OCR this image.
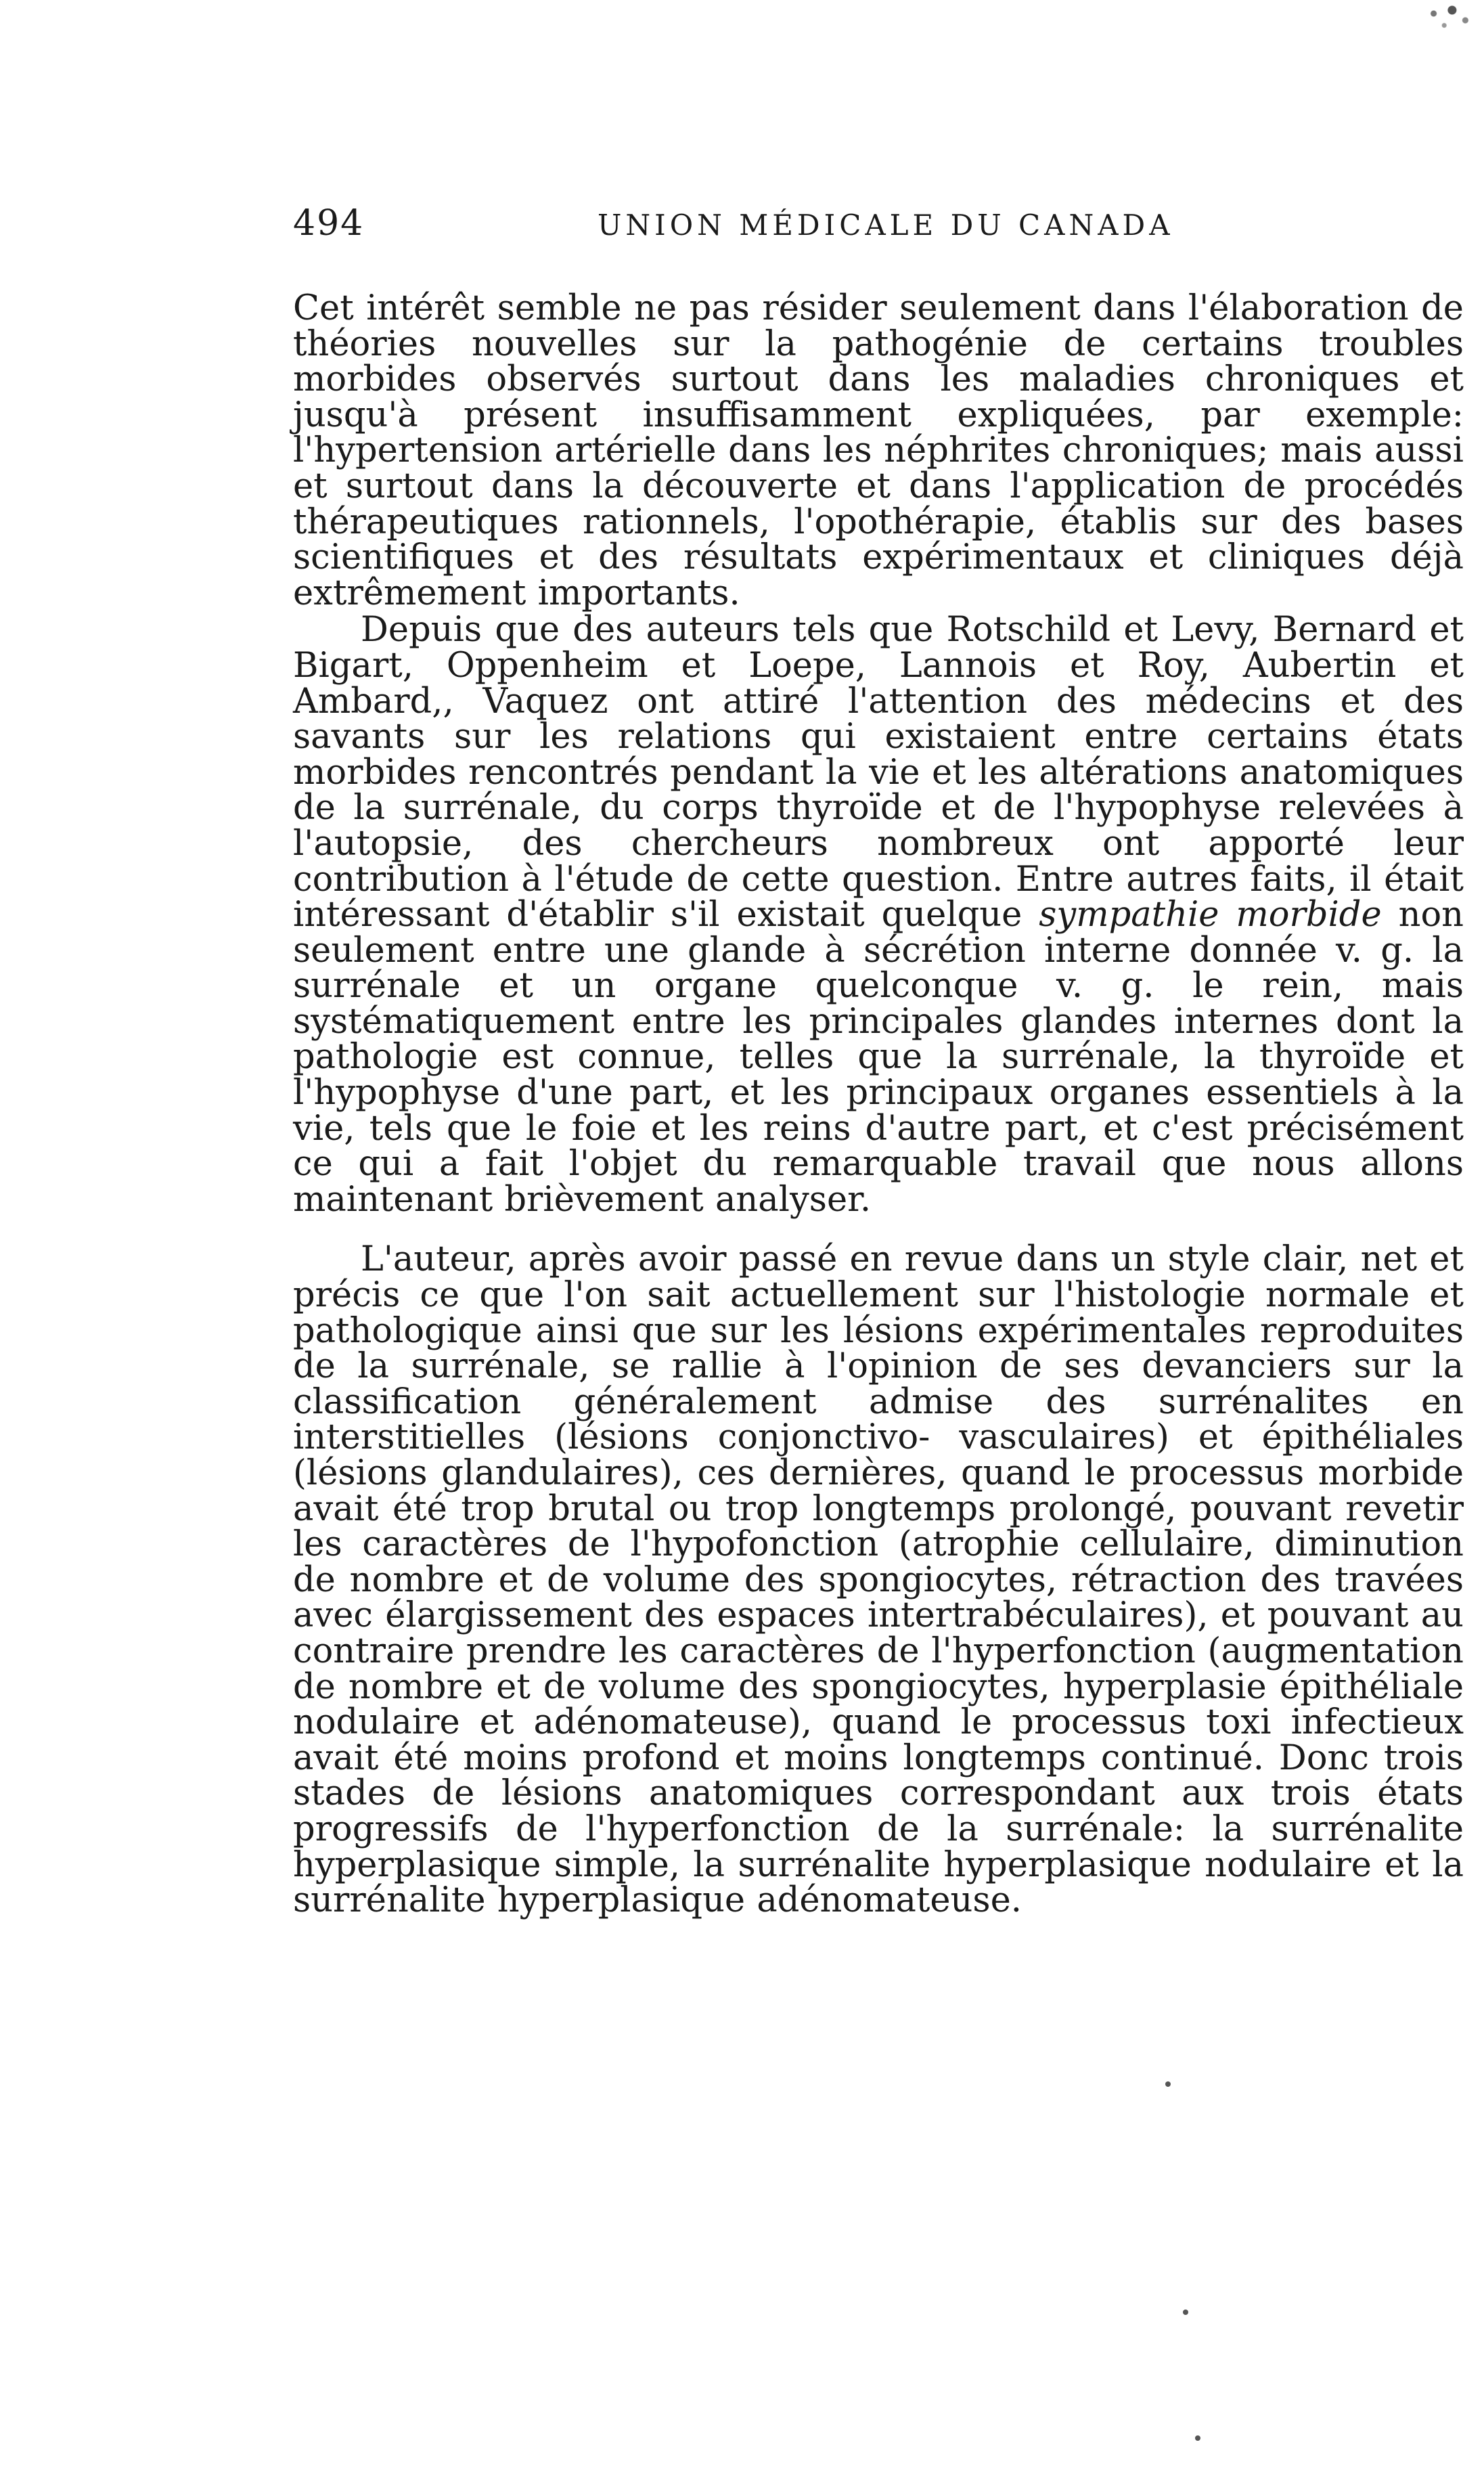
494	UNION MÉDICALE DU CANADA

Cet intérêt semble ne pas résider seulement dans l'élaboration de théories nouvelles sur la pathogénie de certains troubles morbides observés surtout dans les maladies chroniques et jusqu'à présent insuffisamment expliquées, par exemple: l'hypertension artérielle dans les néphrites chroniques; mais aussi et surtout dans la découverte et dans l'application de procédés thérapeutiques rationnels, l'opothérapie, établis sur des bases scientifiques et des résultats expérimentaux et cliniques déjà extrêmement importants.

Depuis que des auteurs tels que Rotschild et Levy, Bernard et Bigart, Oppenheim et Loepe, Lannois et Roy, Aubertin et Ambard,, Vaquez ont attiré l'attention des médecins et des savants sur les relations qui existaient entre certains états morbides rencontrés pendant la vie et les altérations anatomiques de la surrénale, du corps thyroïde et de l'hypophyse relevées à l'autopsie, des chercheurs nombreux ont apporté leur contribution à l'étude de cette question. Entre autres faits, il était intéressant d'établir s'il existait quelque sympathie morbide non seulement entre une glande à sécrétion interne donnée v. g. la surrénale et un organe quelconque v. g. le rein, mais systématiquement entre les principales glandes internes dont la pathologie est connue, telles que la surrénale, la thyroïde et l'hypophyse d'une part, et les principaux organes essentiels à la vie, tels que le foie et les reins d'autre part, et c'est précisément ce qui a fait l'objet du remarquable travail que nous allons maintenant brièvement analyser.

L'auteur, après avoir passé en revue dans un style clair, net et précis ce que l'on sait actuellement sur l'histologie normale et pathologique ainsi que sur les lésions expérimentales reproduites de la surrénale, se rallie à l'opinion de ses devanciers sur la classification généralement admise des surrénalites en interstitielles (lésions conjonctivo- vasculaires) et épithéliales (lésions glandulaires), ces dernières, quand le processus morbide avait été trop brutal ou trop longtemps prolongé, pouvant revetir les caractères de l'hypofonction (atrophie cellulaire, diminution de nombre et de volume des spongiocytes, rétraction des travées avec élargissement des espaces intertrabéculaires), et pouvant au contraire prendre les caractères de l'hyperfonction (augmentation de nombre et de volume des spongiocytes, hyperplasie épithéliale nodulaire et adénomateuse), quand le processus toxi infectieux avait été moins profond et moins longtemps continué. Donc trois stades de lésions anatomiques correspondant aux trois états progressifs de l'hyperfonction de la surrénale: la surrénalite hyperplasique simple, la surrénalite hyperplasique nodulaire et la surrénalite hyperplasique adénomateuse.
